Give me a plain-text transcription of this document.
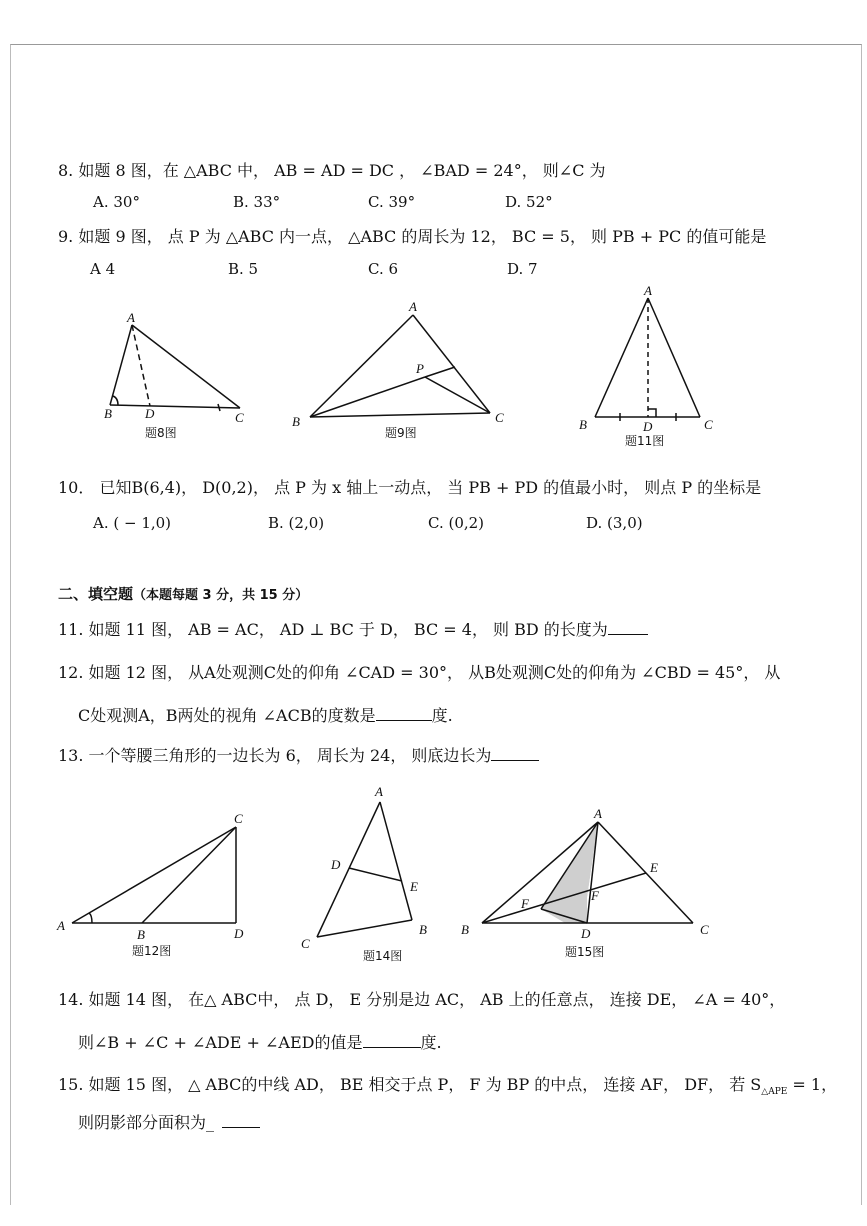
8. 如题 8 图，在 △ABC 中， AB = AD = DC ， ∠BAD = 24°， 则∠C 为
A. 30°	B. 33°	C. 39°	D. 52°
9. 如题 9 图， 点 P 为 △ABC 内一点， △ABC 的周长为 12， BC = 5， 则 PB + PC 的值可能是
A 4	B. 5	C. 6	D. 7
A
B	D	C
题8图
A
P
B	C
题9图
A
B	D	C
题11图
10． 已知B(6,4)， D(0,2)， 点 P 为 x 轴上一动点， 当 PB + PD 的值最小时， 则点 P 的坐标是
A. ( − 1,0)	B. (2,0)	C. (0,2)	D. (3,0)
二、填空题（本题每题 3 分，共 15 分）
11. 如题 11 图， AB = AC， AD ⊥ BC 于 D， BC = 4， 则 BD 的长度为
12. 如题 12 图， 从A处观测C处的仰角 ∠CAD = 30°， 从B处观测C处的仰角为 ∠CBD = 45°， 从
C处观测A，B两处的视角 ∠ACB的度数是	度.
13. 一个等腰三角形的一边长为 6， 周长为 24， 则底边长为
A
B
C
D
题12图
A
D
E
C
B
题14图
A
E
F
F
B	D	C
题15图
14. 如题 14 图， 在△ ABC中， 点 D， E 分别是边 AC， AB 上的任意点， 连接 DE， ∠A = 40°，
则∠B + ∠C + ∠ADE + ∠AED的值是	度.
15. 如题 15 图， △ ABC的中线 AD， BE 相交于点 P， F 为 BP 的中点， 连接 AF， DF， 若 $S_{\triangle APE} = 1$，
则阴影部分面积为_
